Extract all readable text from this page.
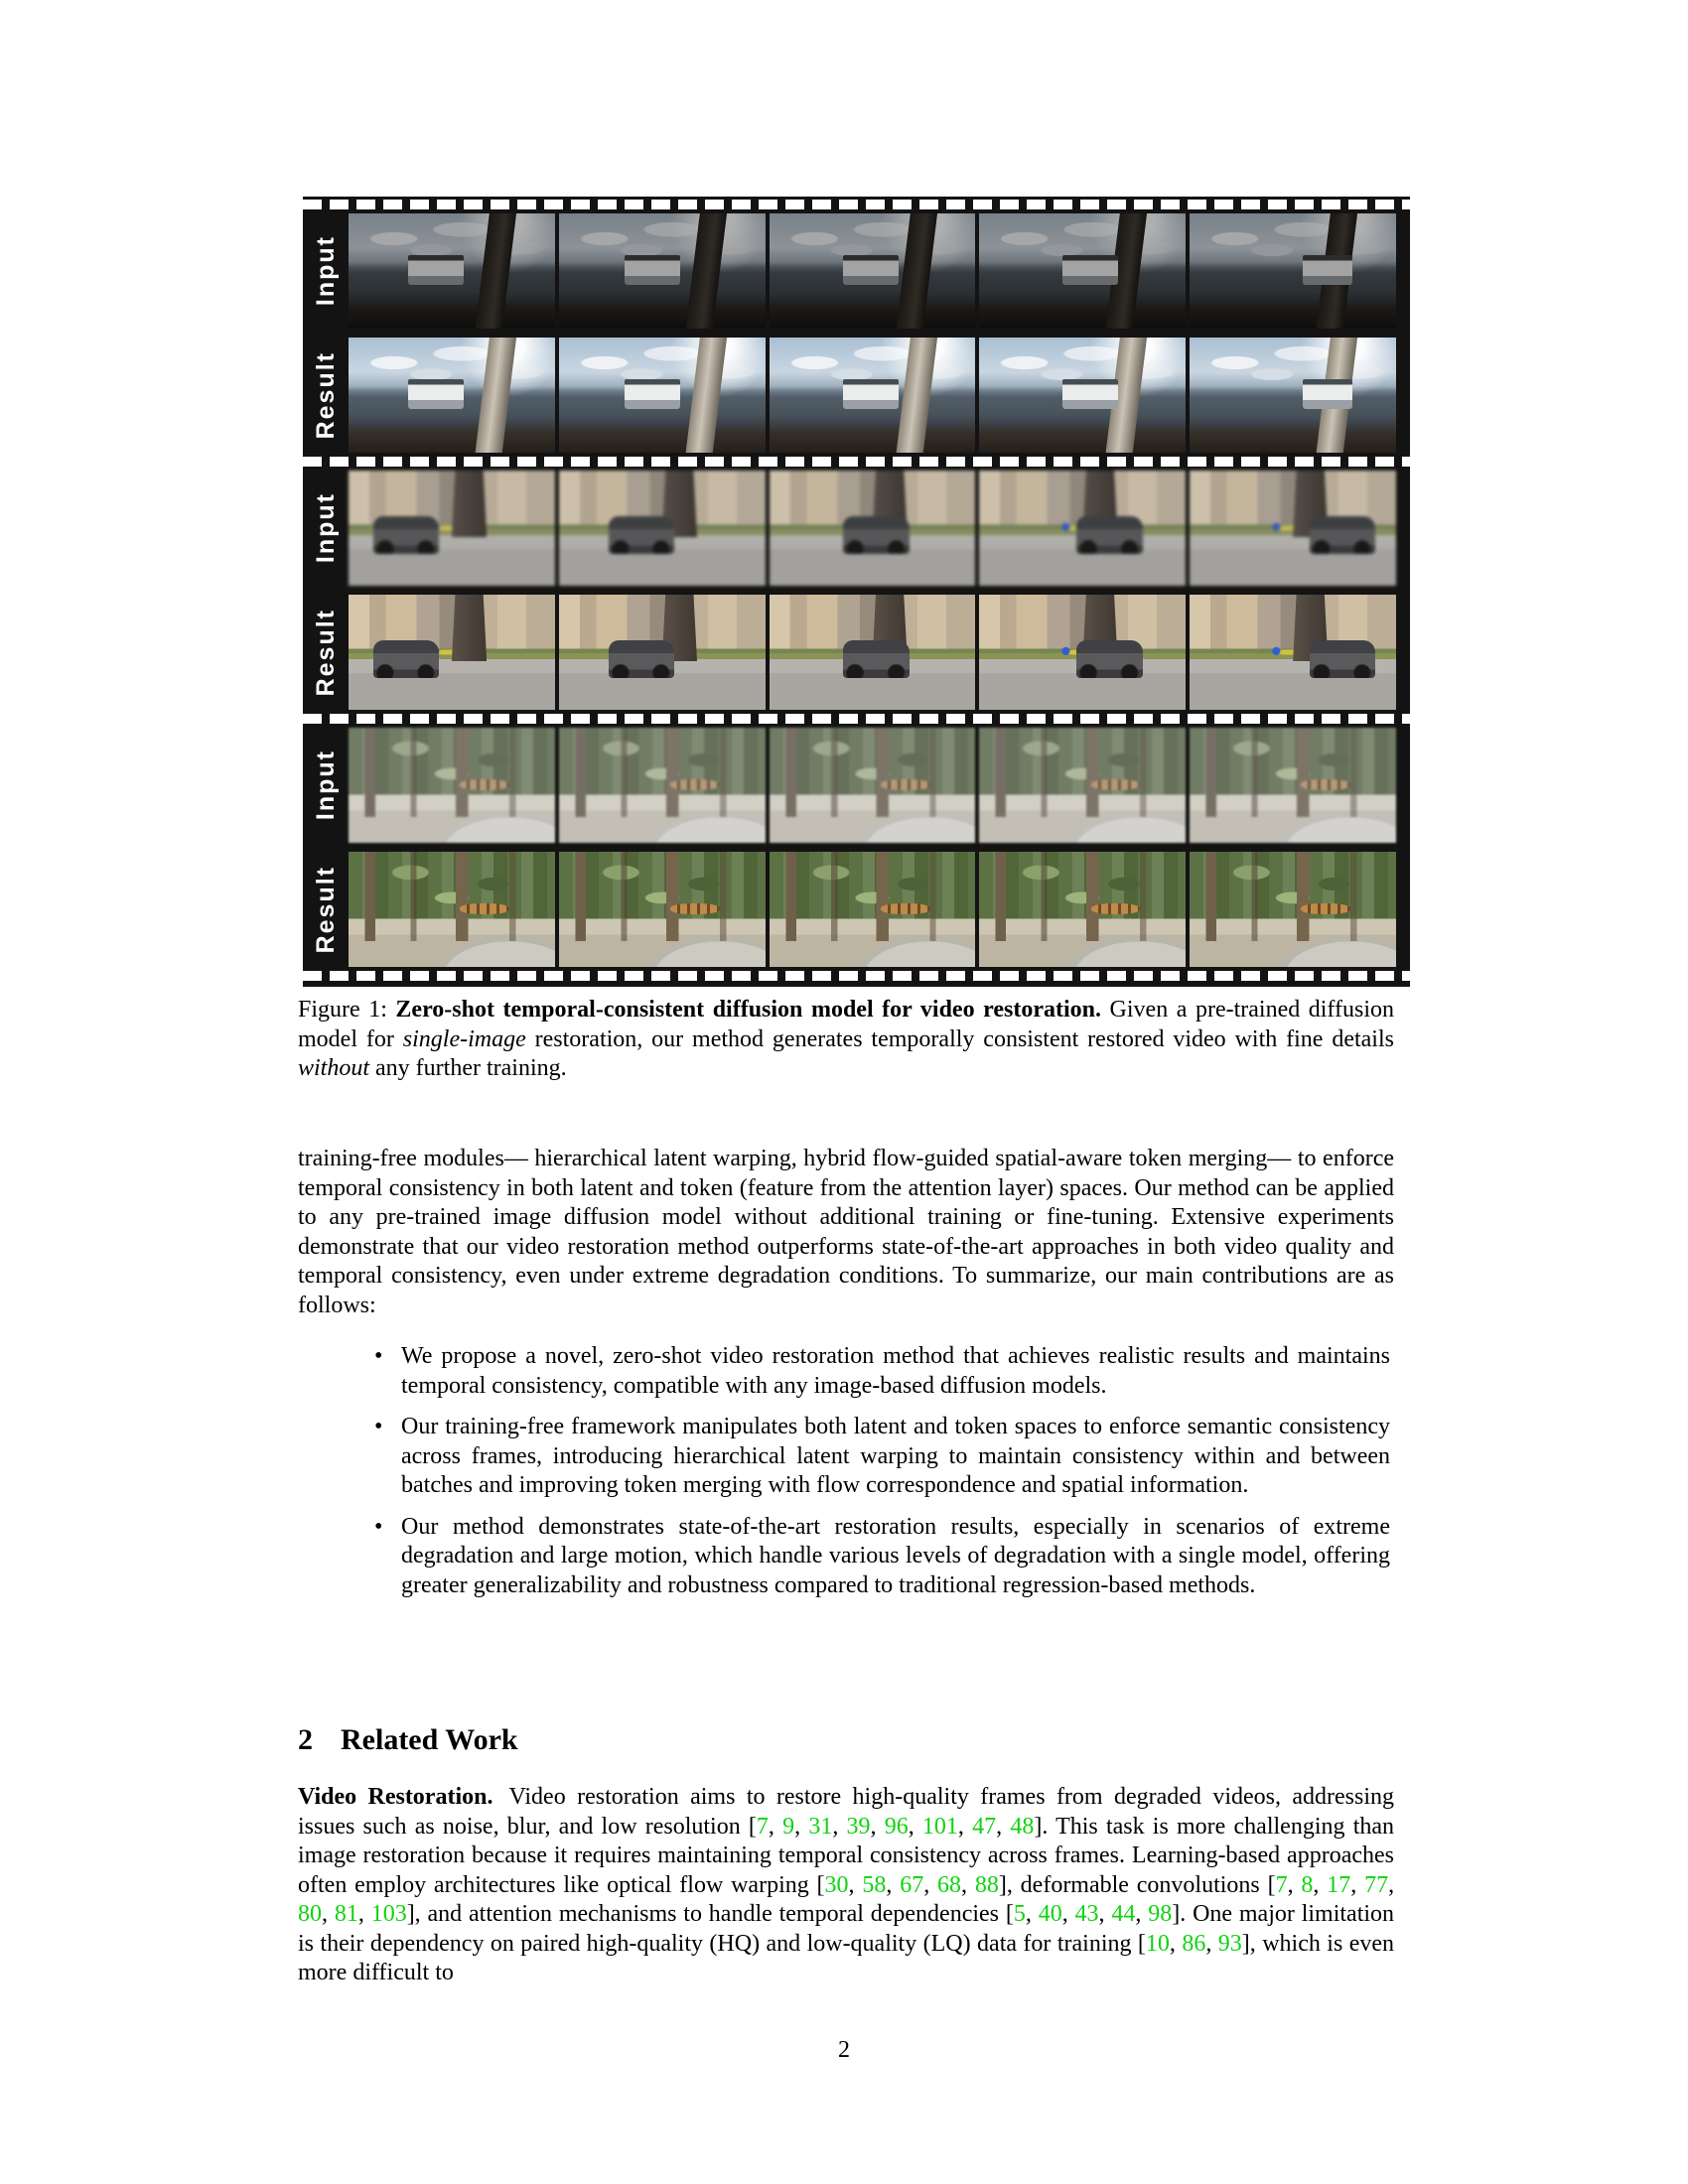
Input
Result
Input
Result
Input
Result
Figure 1: Zero-shot temporal-consistent diffusion model for video restoration. Given a pre-trained diffusion model for single-image restoration, our method generates temporally consistent restored video with fine details without any further training.

training-free modules— hierarchical latent warping, hybrid flow-guided spatial-aware token merging— to enforce temporal consistency in both latent and token (feature from the attention layer) spaces. Our method can be applied to any pre-trained image diffusion model without additional training or fine-tuning. Extensive experiments demonstrate that our video restoration method outperforms state-of-the-art approaches in both video quality and temporal consistency, even under extreme degradation conditions. To summarize, our main contributions are as follows:

• We propose a novel, zero-shot video restoration method that achieves realistic results and maintains temporal consistency, compatible with any image-based diffusion models.
• Our training-free framework manipulates both latent and token spaces to enforce semantic consistency across frames, introducing hierarchical latent warping to maintain consistency within and between batches and improving token merging with flow correspondence and spatial information.
• Our method demonstrates state-of-the-art restoration results, especially in scenarios of extreme degradation and large motion, which handle various levels of degradation with a single model, offering greater generalizability and robustness compared to traditional regression-based methods.
2 Related Work

Video Restoration. Video restoration aims to restore high-quality frames from degraded videos, addressing issues such as noise, blur, and low resolution [7, 9, 31, 39, 96, 101, 47, 48]. This task is more challenging than image restoration because it requires maintaining temporal consistency across frames. Learning-based approaches often employ architectures like optical flow warping [30, 58, 67, 68, 88], deformable convolutions [7, 8, 17, 77, 80, 81, 103], and attention mechanisms to handle temporal dependencies [5, 40, 43, 44, 98]. One major limitation is their dependency on paired high-quality (HQ) and low-quality (LQ) data for training [10, 86, 93], which is even more difficult to

2
